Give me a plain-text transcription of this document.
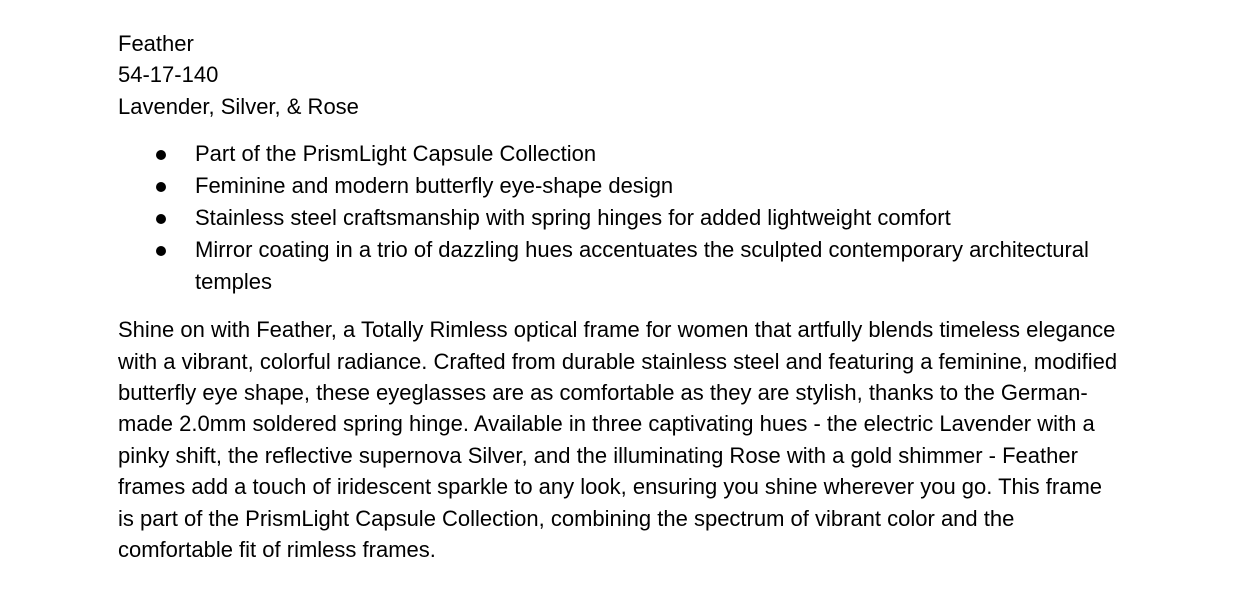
Feather

54-17-140

Lavender, Silver, & Rose

Part of the PrismLight Capsule Collection
Feminine and modern butterfly eye-shape design
Stainless steel craftsmanship with spring hinges for added lightweight comfort
Mirror coating in a trio of dazzling hues accentuates the sculpted contemporary architectural temples

Shine on with Feather, a Totally Rimless optical frame for women that artfully blends timeless elegance with a vibrant, colorful radiance. Crafted from durable stainless steel and featuring a feminine, modified butterfly eye shape, these eyeglasses are as comfortable as they are stylish, thanks to the German-made 2.0mm soldered spring hinge. Available in three captivating hues - the electric Lavender with a pinky shift, the reflective supernova Silver, and the illuminating Rose with a gold shimmer - Feather frames add a touch of iridescent sparkle to any look, ensuring you shine wherever you go. This frame is part of the PrismLight Capsule Collection, combining the spectrum of vibrant color and the comfortable fit of rimless frames.
